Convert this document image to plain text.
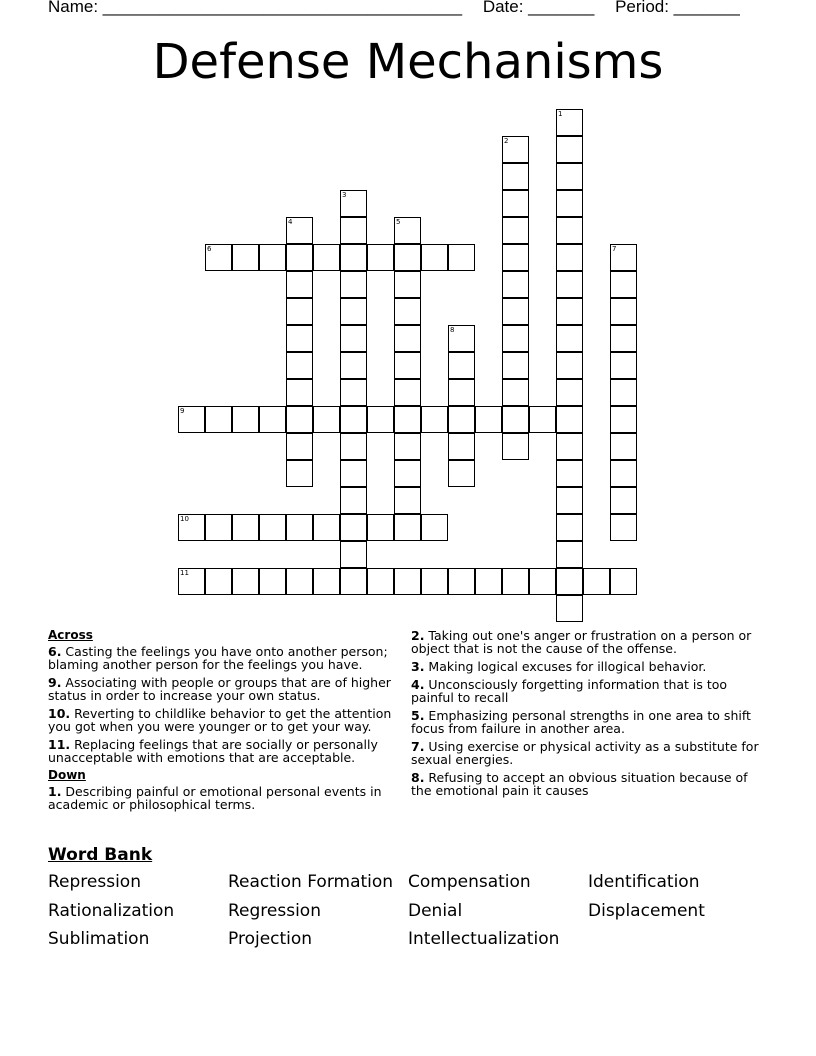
Name: ______________________________________ Date: _______ Period: _______
Defense Mechanisms
1
2
3
4	5
6	7
8
9
10
11
Across
6. Casting the feelings you have onto another person; blaming another person for the feelings you have.
9. Associating with people or groups that are of higher status in order to increase your own status.
10. Reverting to childlike behavior to get the attention you got when you were younger or to get your way.
11. Replacing feelings that are socially or personally unacceptable with emotions that are acceptable.
Down
1. Describing painful or emotional personal events in academic or philosophical terms.
2. Taking out one's anger or frustration on a person or object that is not the cause of the offense.
3. Making logical excuses for illogical behavior.
4. Unconsciously forgetting information that is too painful to recall
5. Emphasizing personal strengths in one area to shift focus from failure in another area.
7. Using exercise or physical activity as a substitute for sexual energies.
8. Refusing to accept an obvious situation because of the emotional pain it causes
Word Bank
Repression	Reaction Formation Compensation	Identification
Rationalization	Regression	Denial	Displacement
Sublimation	Projection	Intellectualization
